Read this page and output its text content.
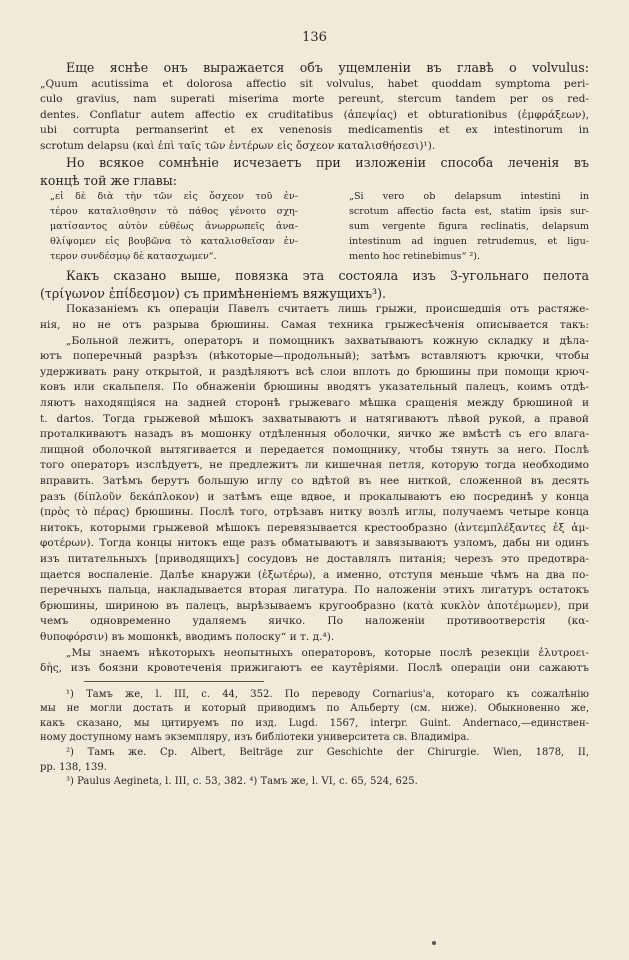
136
Еще яснѣе онъ выражается объ ущемленіи въ главѣ о volvulus:
„Quum acutissima et dolorosa affectio sit volvulus, habet quoddam symptoma peri-
culo gravius, nam superati miserima morte pereunt, stercum tandem per os red-
dentes. Conflatur autem affectio ex cruditatibus (ἀπεψίας) et obturationibus (ἐμφράξεων),
ubi corrupta permanserint et ex venenosis medicamentis et ex intestinorum in
scrotum delapsu (καὶ ἐπὶ ταῖς τῶν ἐντέρων εἰς ὄσχεον καταλισθήσεσι)¹).
Но всякое сомнѣніе исчезаетъ при изложеніи способа леченія въ
концѣ той же главы:
„εἰ δὲ διὰ τὴν τῶν εἰς ὄσχεον τοῦ ἐν-
τέρου καταλισθησιν τὸ πάθος γένοιτο σχη-
ματίσαντος αὐτὸν εὐθέως ἀνωρρωπεῖς ἀνα-
θλίψομεν εἰς βουβῶνα τὸ καταλισθεῖσαν ἐν-
τερον συνδέσμῳ δὲ κατασχωμεν“.
„Si vero ob delapsum intestini in
scrotum affectio facta est, statim ipsis sur-
sum vergente figura reclinatis, delapsum
intestinum ad inguen retrudemus, et ligu-
mento hoc retinebimus“ ²).
Какъ сказано выше, повязка эта состояла изъ 3-угольнаго пелота
(τρίγωνον ἐπίδεσμον) съ примѣненіемъ вяжущихъ³).
Показаніемъ къ операціи Павелъ считаетъ лишь грыжи, происшедшія отъ растяже-
нія, но не отъ разрыва брюшины. Самая техника грыжесѣченія описывается такъ:
„Больной лежитъ, операторъ и помощникъ захватываютъ кожную складку и дѣла-
ютъ поперечный разрѣзъ (нѣкоторые—продольный); затѣмъ вставляютъ крючки, чтобы
удерживать рану открытой, и раздѣляютъ всѣ слои вплоть до брюшины при помощи крюч-
ковъ или скальпеля. По обнаженіи брюшины вводятъ указательный палецъ, коимъ отдѣ-
ляютъ находящіяся на задней сторонѣ грыжеваго мѣшка сращенія между брюшиной и
t. dartos. Тогда грыжевой мѣшокъ захватываютъ и натягиваютъ лѣвой рукой, а правой
проталкиваютъ назадъ въ мошонку отдѣленныя оболочки, яичко же вмѣстѣ съ его влага-
лищной оболочкой вытягивается и передается помощнику, чтобы тянуть за него. Послѣ
того операторъ изслѣдуетъ, не предлежитъ ли кишечная петля, которую тогда необходимо
вправить. Затѣмъ берутъ большую иглу со вдѣтой въ нее ниткой, сложенной въ десять
разъ (δίπλοῦν δεκάπλοκον) и затѣмъ еще вдвое, и прокалываютъ ею посрединѣ у конца
(πρὸς τὸ πέρας) брюшины. Послѣ того, отрѣзавъ нитку возлѣ иглы, получаемъ четыре конца
нитокъ, которыми грыжевой мѣшокъ перевязывается крестообразно (ἀντεμπλέξαντες ἐξ ἀμ-
φοτέρων). Тогда концы нитокъ еще разъ обматываютъ и завязываютъ узломъ, дабы ни одинъ
изъ питательныхъ [приводящихъ] сосудовъ не доставлялъ питанія; черезъ это предотвра-
щается воспаленіе. Далѣе кнаружи (ἐξωτέρω), а именно, отступя меньше чѣмъ на два по-
перечныхъ пальца, накладывается вторая лигатура. По наложеніи этихъ лигатуръ остатокъ
брюшины, шириною въ палецъ, вырѣзываемъ кругообразно (κατὰ κυκλὸν ἀποτέμωμεν), при
чемъ одновременно удаляемъ яичко. По наложеніи противоотверстія (κα-
θυποφόρσιν) въ мошонкѣ, вводимъ полоску“ и т. д.⁴).
„Мы знаемъ нѣкоторыхъ неопытныхъ операторовъ, которые послѣ резекціи ἐλυτροει-
δὴς, изъ боязни кровотеченія прижигаютъ ее кауте̂ріями. Послѣ операціи они сажаютъ
¹) Тамъ же, l. III, c. 44, 352. По переводу Cornarius'a, котораго къ сожалѣнію
мы не могли достать и который приводимъ по Альберту (см. ниже). Обыкновенно же,
какъ сказано, мы цитируемъ по изд. Lugd. 1567, interpr. Guint. Andernaco,—единствен-
ному доступному намъ экземпляру, изъ библіотеки университета св. Владиміра.
²) Тамъ же. Ср. Albert, Beiträge zur Geschichte der Chirurgie. Wien, 1878, II,
pp. 138, 139.
³) Paulus Aegineta, l. III, c. 53, 382. ⁴) Тамъ же, l. VI, c. 65, 524, 625.
